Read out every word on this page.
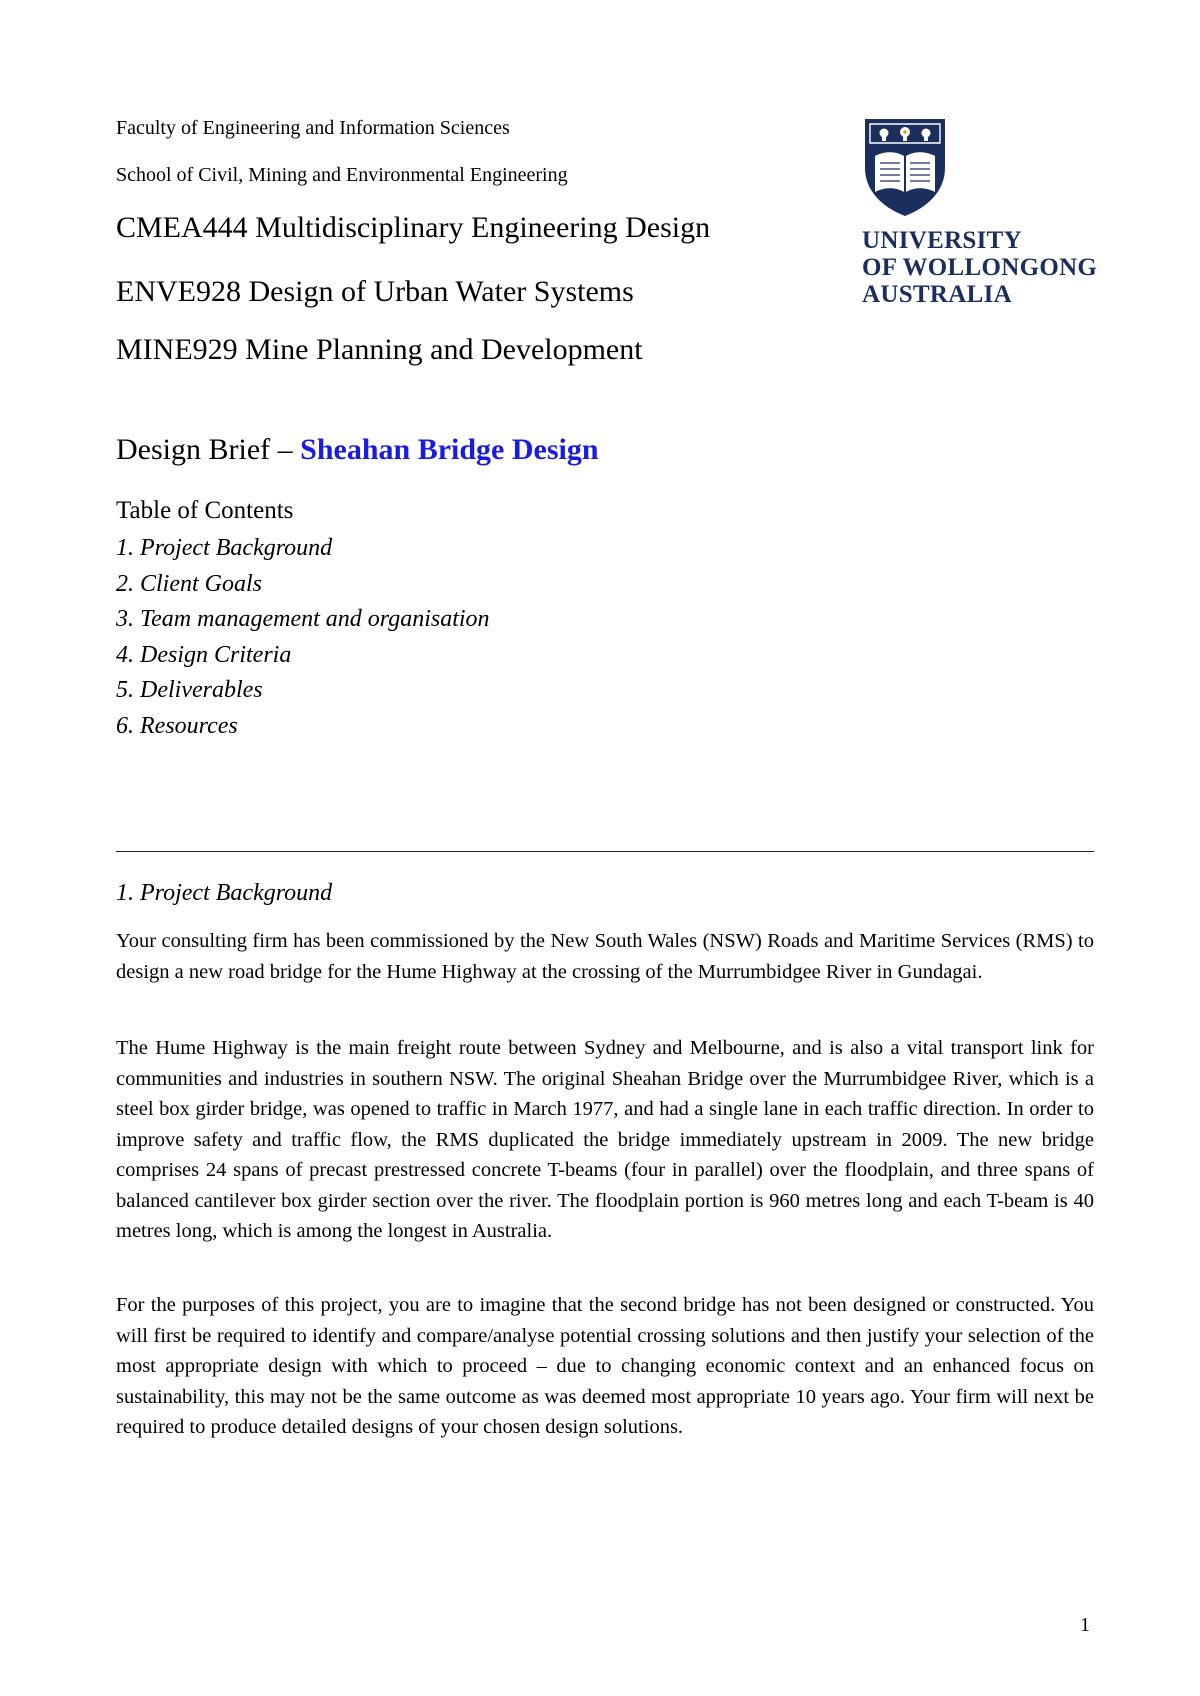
Faculty of Engineering and Information Sciences
School of Civil, Mining and Environmental Engineering
CMEA444 Multidisciplinary Engineering Design
ENVE928 Design of Urban Water Systems
MINE929 Mine Planning and Development
UNIVERSITY
OF WOLLONGONG
AUSTRALIA
Design Brief – Sheahan Bridge Design
Table of Contents
1. Project Background
2. Client Goals
3. Team management and organisation
4. Design Criteria
5. Deliverables
6. Resources
1. Project Background
Your consulting firm has been commissioned by the New South Wales (NSW) Roads and Maritime Services (RMS) to design a new road bridge for the Hume Highway at the crossing of the Murrumbidgee River in Gundagai.
The Hume Highway is the main freight route between Sydney and Melbourne, and is also a vital transport link for communities and industries in southern NSW. The original Sheahan Bridge over the Murrumbidgee River, which is a steel box girder bridge, was opened to traffic in March 1977, and had a single lane in each traffic direction. In order to improve safety and traffic flow, the RMS duplicated the bridge immediately upstream in 2009. The new bridge comprises 24 spans of precast prestressed concrete T-beams (four in parallel) over the floodplain, and three spans of balanced cantilever box girder section over the river. The floodplain portion is 960 metres long and each T-beam is 40 metres long, which is among the longest in Australia.
For the purposes of this project, you are to imagine that the second bridge has not been designed or constructed. You will first be required to identify and compare/analyse potential crossing solutions and then justify your selection of the most appropriate design with which to proceed – due to changing economic context and an enhanced focus on sustainability, this may not be the same outcome as was deemed most appropriate 10 years ago. Your firm will next be required to produce detailed designs of your chosen design solutions.
1
